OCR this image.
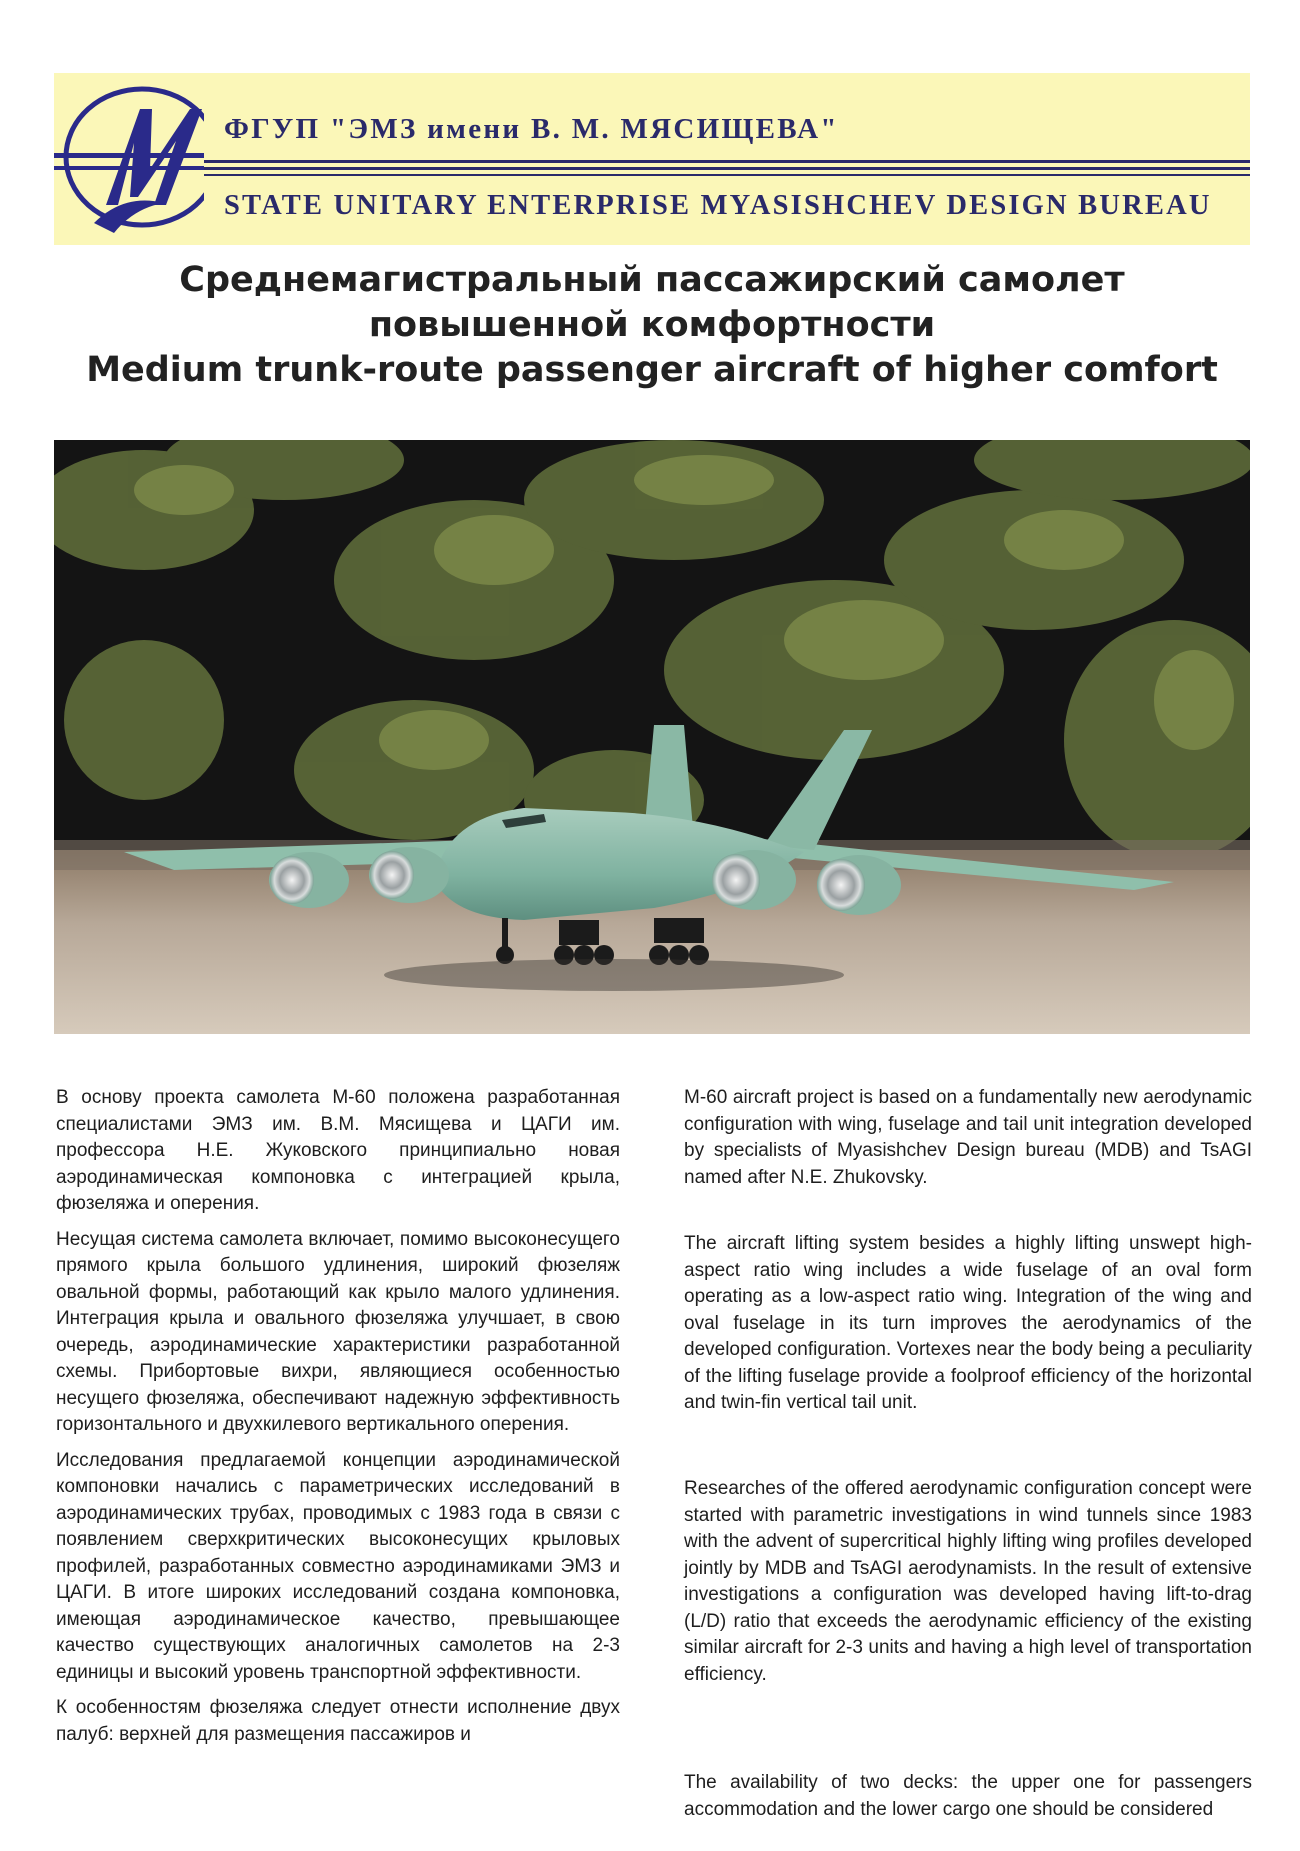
ФГУП "ЭМЗ имени В. М. МЯСИЩЕВА"
STATE UNITARY ENTERPRISE MYASISHCHEV DESIGN BUREAU
Среднемагистральный пассажирский самолет
повышенной комфортности
Medium trunk-route passenger aircraft of higher comfort

В основу проекта самолета М-60 положена разработанная специалистами ЭМЗ им. В.М. Мясищева и ЦАГИ им. профессора Н.Е. Жуковского принципиально новая аэродинамическая компоновка с интеграцией крыла, фюзеляжа и оперения.

Несущая система самолета включает, помимо высоконесущего прямого крыла большого удлинения, широкий фюзеляж овальной формы, работающий как крыло малого удлинения. Интеграция крыла и овального фюзеляжа улучшает, в свою очередь, аэродинамические характеристики разработанной схемы. Прибортовые вихри, являющиеся особенностью несущего фюзеляжа, обеспечивают надежную эффективность горизонтального и двухкилевого вертикального оперения.

Исследования предлагаемой концепции аэродинамической компоновки начались с параметрических исследований в аэродинамических трубах, проводимых с 1983 года в связи с появлением сверхкритических высоконесущих крыловых профилей, разработанных совместно аэродинамиками ЭМЗ и ЦАГИ. В итоге широких исследований создана компоновка, имеющая аэродинамическое качество, превышающее качество существующих аналогичных самолетов на 2-3 единицы и высокий уровень транспортной эффективности.

К особенностям фюзеляжа следует отнести исполнение двух палуб: верхней для размещения пассажиров и

M-60 aircraft project is based on a fundamentally new aerodynamic configuration with wing, fuselage and tail unit integration developed by specialists of Myasishchev Design bureau (MDB) and TsAGI named after N.E. Zhukovsky.

The aircraft lifting system besides a highly lifting unswept high-aspect ratio wing includes a wide fuselage of an oval form operating as a low-aspect ratio wing. Integration of the wing and oval fuselage in its turn improves the aerodynamics of the developed configuration. Vortexes near the body being a peculiarity of the lifting fuselage provide a foolproof efficiency of the horizontal and twin-fin vertical tail unit.

Researches of the offered aerodynamic configuration concept were started with parametric investigations in wind tunnels since 1983 with the advent of supercritical highly lifting wing profiles developed jointly by MDB and TsAGI aerodynamists. In the result of extensive investigations a configuration was developed having lift-to-drag (L/D) ratio that exceeds the aerodynamic efficiency of the existing similar aircraft for 2-3 units and having a high level of transportation efficiency.

The availability of two decks: the upper one for passengers accommodation and the lower cargo one should be considered
